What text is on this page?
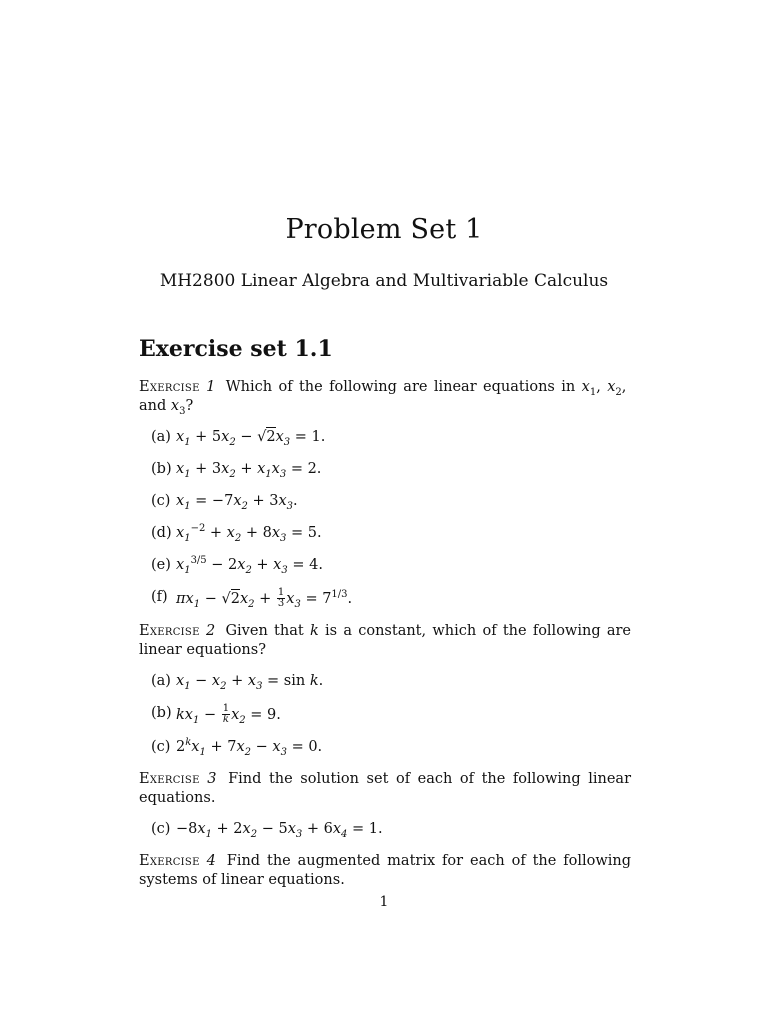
Problem Set 1
MH2800 Linear Algebra and Multivariable Calculus
Exercise set 1.1

Exercise 1 Which of the following are linear equations in $x_1$, $x_2$,  and $x_3$?

(a) $x_1 + 5x_2 - √2x_3 = 1$.
(b) $x_1 + 3x_2 + x_1x_3 = 2$.
(c) $x_1 = -7x_2 + 3x_3$.
(d) $x_1^{-2} + x_2 + 8x_3 = 5$.
(e) $x_1^{3/5} - 2x_2 + x_3 = 4$.
(f) $\pi x_1 - √2x_2 + \frac{1}{3} x_3 = 7^{1/3}$.

Exercise 2 Given that k is a constant, which of the following are linear equations?

(a) $x_1 - x_2 + x_3 = \sin k$.
(b) $kx_1 - \frac{1}{k} x_2 = 9$.
(c) $2^kx_1 + 7x_2 - x_3 = 0$.

Exercise 3 Find the solution set of each of the following linear equations.

$(c) -8x_1 + 2x_2 - 5x_3 + 6x_4 = 1$.

Exercise 4 Find the augmented matrix for each of the following systems of linear equations.

1
